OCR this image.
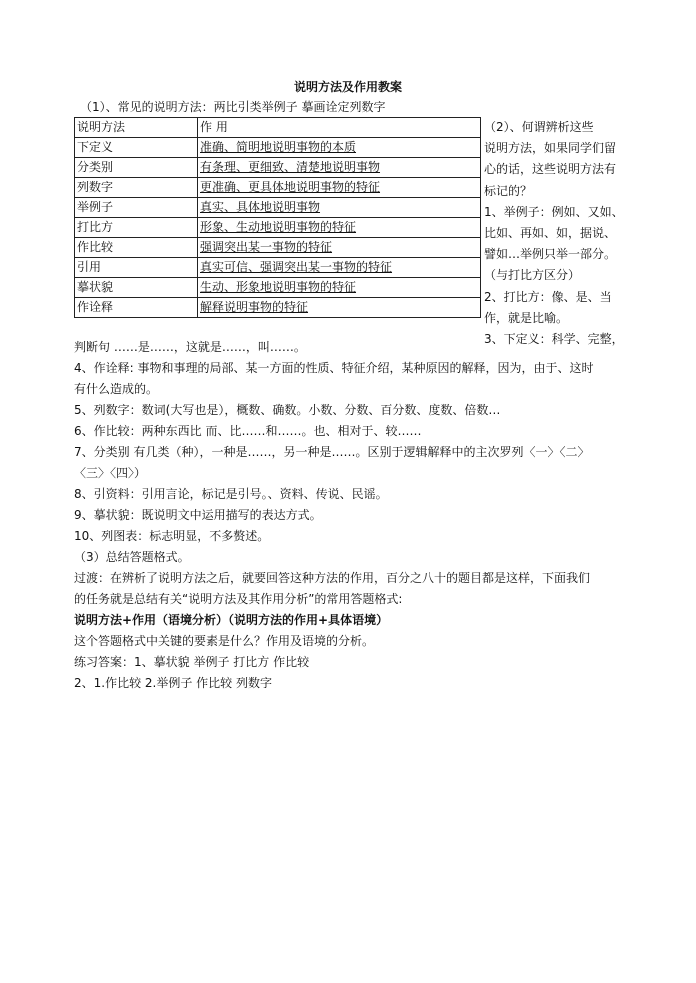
说明方法及作用教案
（1）、常见的说明方法：两比引类举例子 摹画诠定列数字
说明方法	作 用
下定义	准确、简明地说明事物的本质
分类别	有条理、更细致、清楚地说明事物
列数字	更准确、更具体地说明事物的特征
举例子	真实、具体地说明事物
打比方	形象、生动地说明事物的特征
作比较	强调突出某一事物的特征
引用	真实可信、强调突出某一事物的特征
摹状貌	生动、形象地说明事物的特征
作诠释	解释说明事物的特征

（2）、何谓辨析这些

说明方法，如果同学们留

心的话，这些说明方法有

标记的？

1、举例子：例如、又如、

比如、再如、如，据说、

譬如…举例只举一部分。

（与打比方区分）

2、打比方：像、是、当

作，就是比喻。

3、下定义：科学、完整，

判断句 ……是……，这就是……，叫……。

4、作诠释: 事物和事理的局部、某一方面的性质、特征介绍，某种原因的解释，因为，由于、这时

有什么造成的。

5、列数字：数词(大写也是），概数、确数。小数、分数、百分数、度数、倍数…

6、作比较：两种东西比 而、比……和……。也、相对于、较……

7、分类别 有几类（种），一种是……，另一种是……。区别于逻辑解释中的主次罗列〈一〉〈二〉

〈三〉〈四〉）

8、引资料：引用言论，标记是引号。、资料、传说、民谣。

9、摹状貌：既说明文中运用描写的表达方式。

10、列图表：标志明显，不多赘述。

（3）总结答题格式。

过渡：在辨析了说明方法之后，就要回答这种方法的作用，百分之八十的题目都是这样，下面我们

的任务就是总结有关“说明方法及其作用分析”的常用答题格式:

说明方法+作用（语境分析）（说明方法的作用+具体语境）

这个答题格式中关键的要素是什么？作用及语境的分析。

练习答案：1、摹状貌 举例子 打比方 作比较

2、1.作比较 2.举例子 作比较 列数字
